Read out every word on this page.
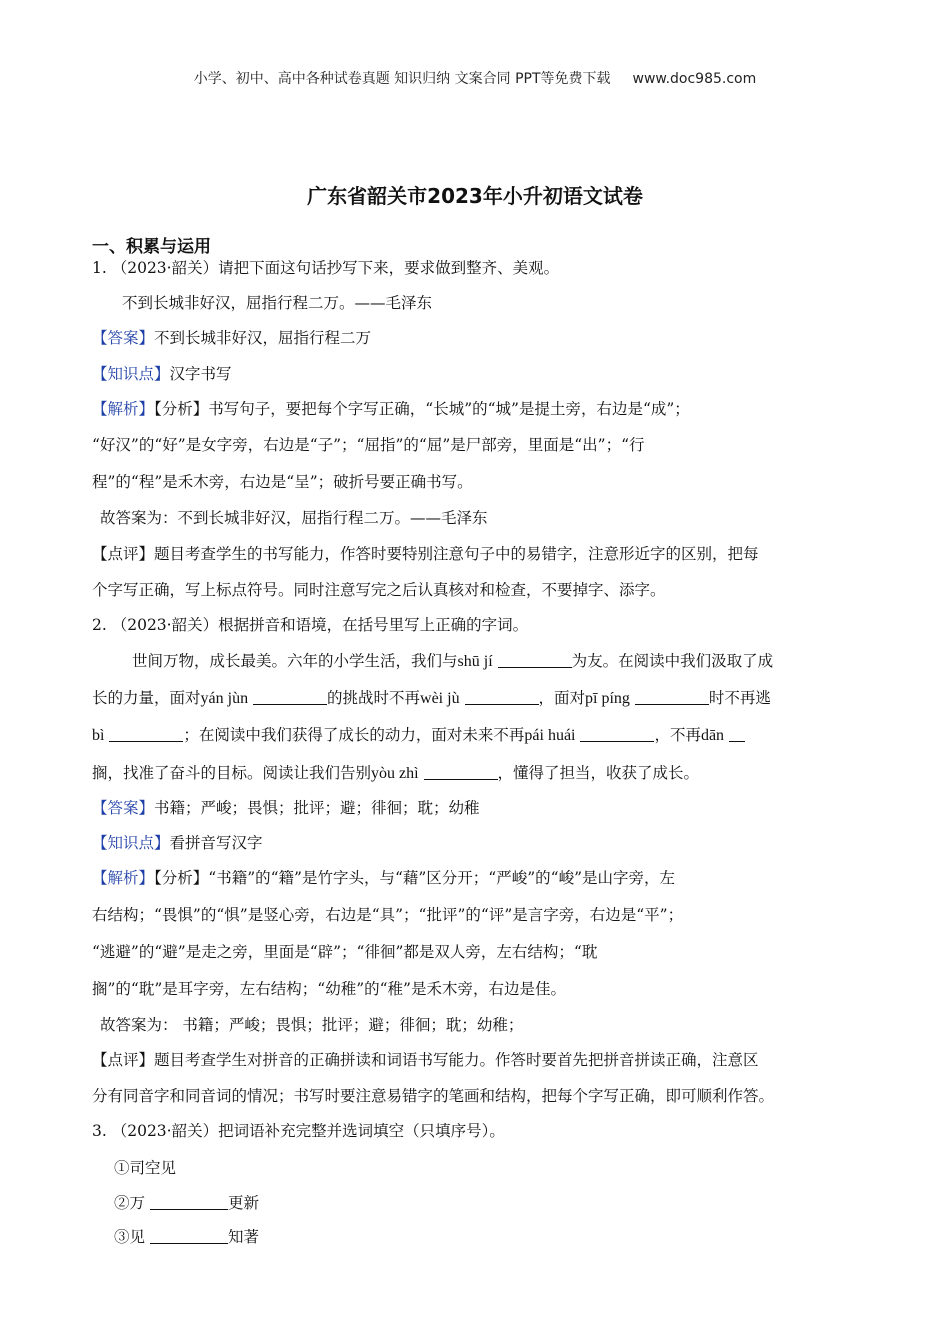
小学、初中、高中各种试卷真题 知识归纳 文案合同 PPT等免费下载 www.doc985.com
广东省韶关市2023年小升初语文试卷
一、积累与运用
1. （2023·韶关）请把下面这句话抄写下来，要求做到整齐、美观。
不到长城非好汉，屈指行程二万。——毛泽东
【答案】不到长城非好汉，屈指行程二万
【知识点】汉字书写
【解析】【分析】书写句子，要把每个字写正确，“长城”的“城”是提土旁，右边是“成”；
“好汉”的“好”是女字旁，右边是“子”；“屈指”的“屈”是尸部旁，里面是“出”；“行
程”的“程”是禾木旁，右边是“呈”；破折号要正确书写。
故答案为：不到长城非好汉，屈指行程二万。——毛泽东
【点评】题目考查学生的书写能力，作答时要特别注意句子中的易错字，注意形近字的区别，把每
个字写正确，写上标点符号。同时注意写完之后认真核对和检查，不要掉字、添字。
2. （2023·韶关）根据拼音和语境，在括号里写上正确的字词。
世间万物，成长最美。六年的小学生活，我们与shū jí	为友。在阅读中我们汲取了成
长的力量，面对yán jùn	的挑战时不再wèi jù	，面对pī píng	时不再逃
bì	；在阅读中我们获得了成长的动力，面对未来不再pái huái	，不再dān
搁，找准了奋斗的目标。阅读让我们告别yòu zhì	，懂得了担当，收获了成长。
【答案】书籍；严峻；畏惧；批评；避；徘徊；耽；幼稚
【知识点】看拼音写汉字
【解析】【分析】“书籍”的“籍”是竹字头，与“藉”区分开；“严峻”的“峻”是山字旁，左
右结构；“畏惧”的“惧”是竖心旁，右边是“具”；“批评”的“评”是言字旁，右边是“平”；
“逃避”的“避”是走之旁，里面是“辟”；“徘徊”都是双人旁，左右结构；“耽
搁”的“耽”是耳字旁，左右结构；“幼稚”的“稚”是禾木旁，右边是佳。
故答案为： 书籍；严峻；畏惧；批评；避；徘徊；耽；幼稚；
【点评】题目考查学生对拼音的正确拼读和词语书写能力。作答时要首先把拼音拼读正确，注意区
分有同音字和同音词的情况；书写时要注意易错字的笔画和结构，把每个字写正确，即可顺利作答。
3. （2023·韶关）把词语补充完整并选词填空（只填序号）。
①司空见
②万	更新
③见	知著
